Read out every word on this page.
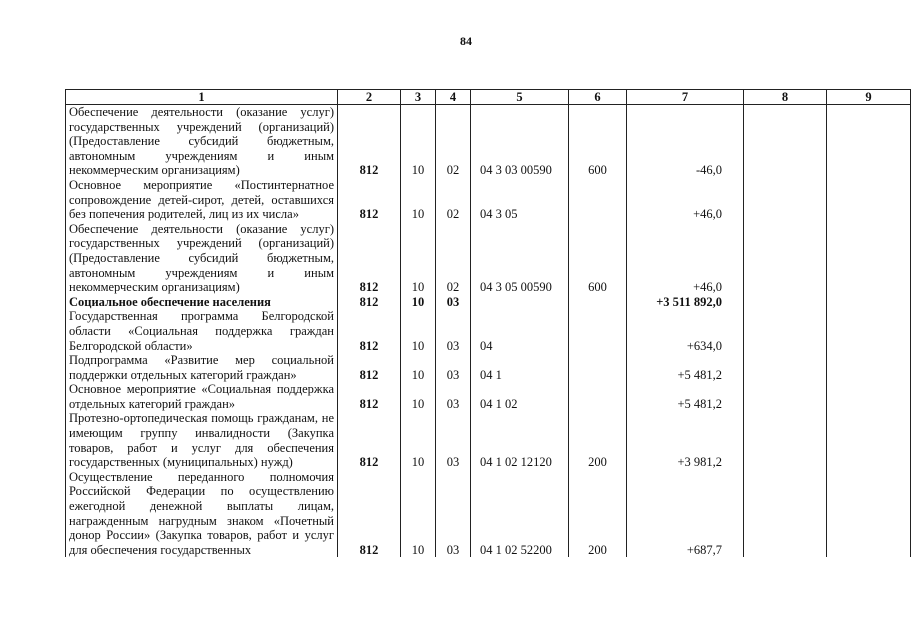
84
1	2	3	4	5	6	7	8	9
Обеспечение деятельности (оказание услуг) государственных учреждений (организаций) (Предоставление субсидий бюджетным, автономным учреждениям и иным некоммерческим организациям)	812	10	02	04 3 03 00590	600	-46,0		
Основное мероприятие «Постинтернатное сопровождение детей-сирот, детей, оставшихся без попечения родителей, лиц из их числа»	812	10	02	04 3 05		+46,0		
Обеспечение деятельности (оказание услуг) государственных учреждений (организаций) (Предоставление субсидий бюджетным, автономным учреждениям и иным некоммерческим организациям)	812	10	02	04 3 05 00590	600	+46,0		
Социальное обеспечение населения	812	10	03			+3 511 892,0		
Государственная программа Белгородской области «Социальная поддержка граждан Белгородской области»	812	10	03	04		+634,0		
Подпрограмма «Развитие мер социальной поддержки отдельных категорий граждан»	812	10	03	04 1		+5 481,2		
Основное мероприятие «Социальная поддержка отдельных категорий граждан»	812	10	03	04 1 02		+5 481,2		
Протезно-ортопедическая помощь гражданам, не имеющим группу инвалидности (Закупка товаров, работ и услуг для обеспечения государственных (муниципальных) нужд)	812	10	03	04 1 02 12120	200	+3 981,2		
Осуществление переданного полномочия Российской Федерации по осуществлению ежегодной денежной выплаты лицам, награжденным нагрудным знаком «Почетный донор России» (Закупка товаров, работ и услуг для обеспечения государственных	812	10	03	04 1 02 52200	200	+687,7		
